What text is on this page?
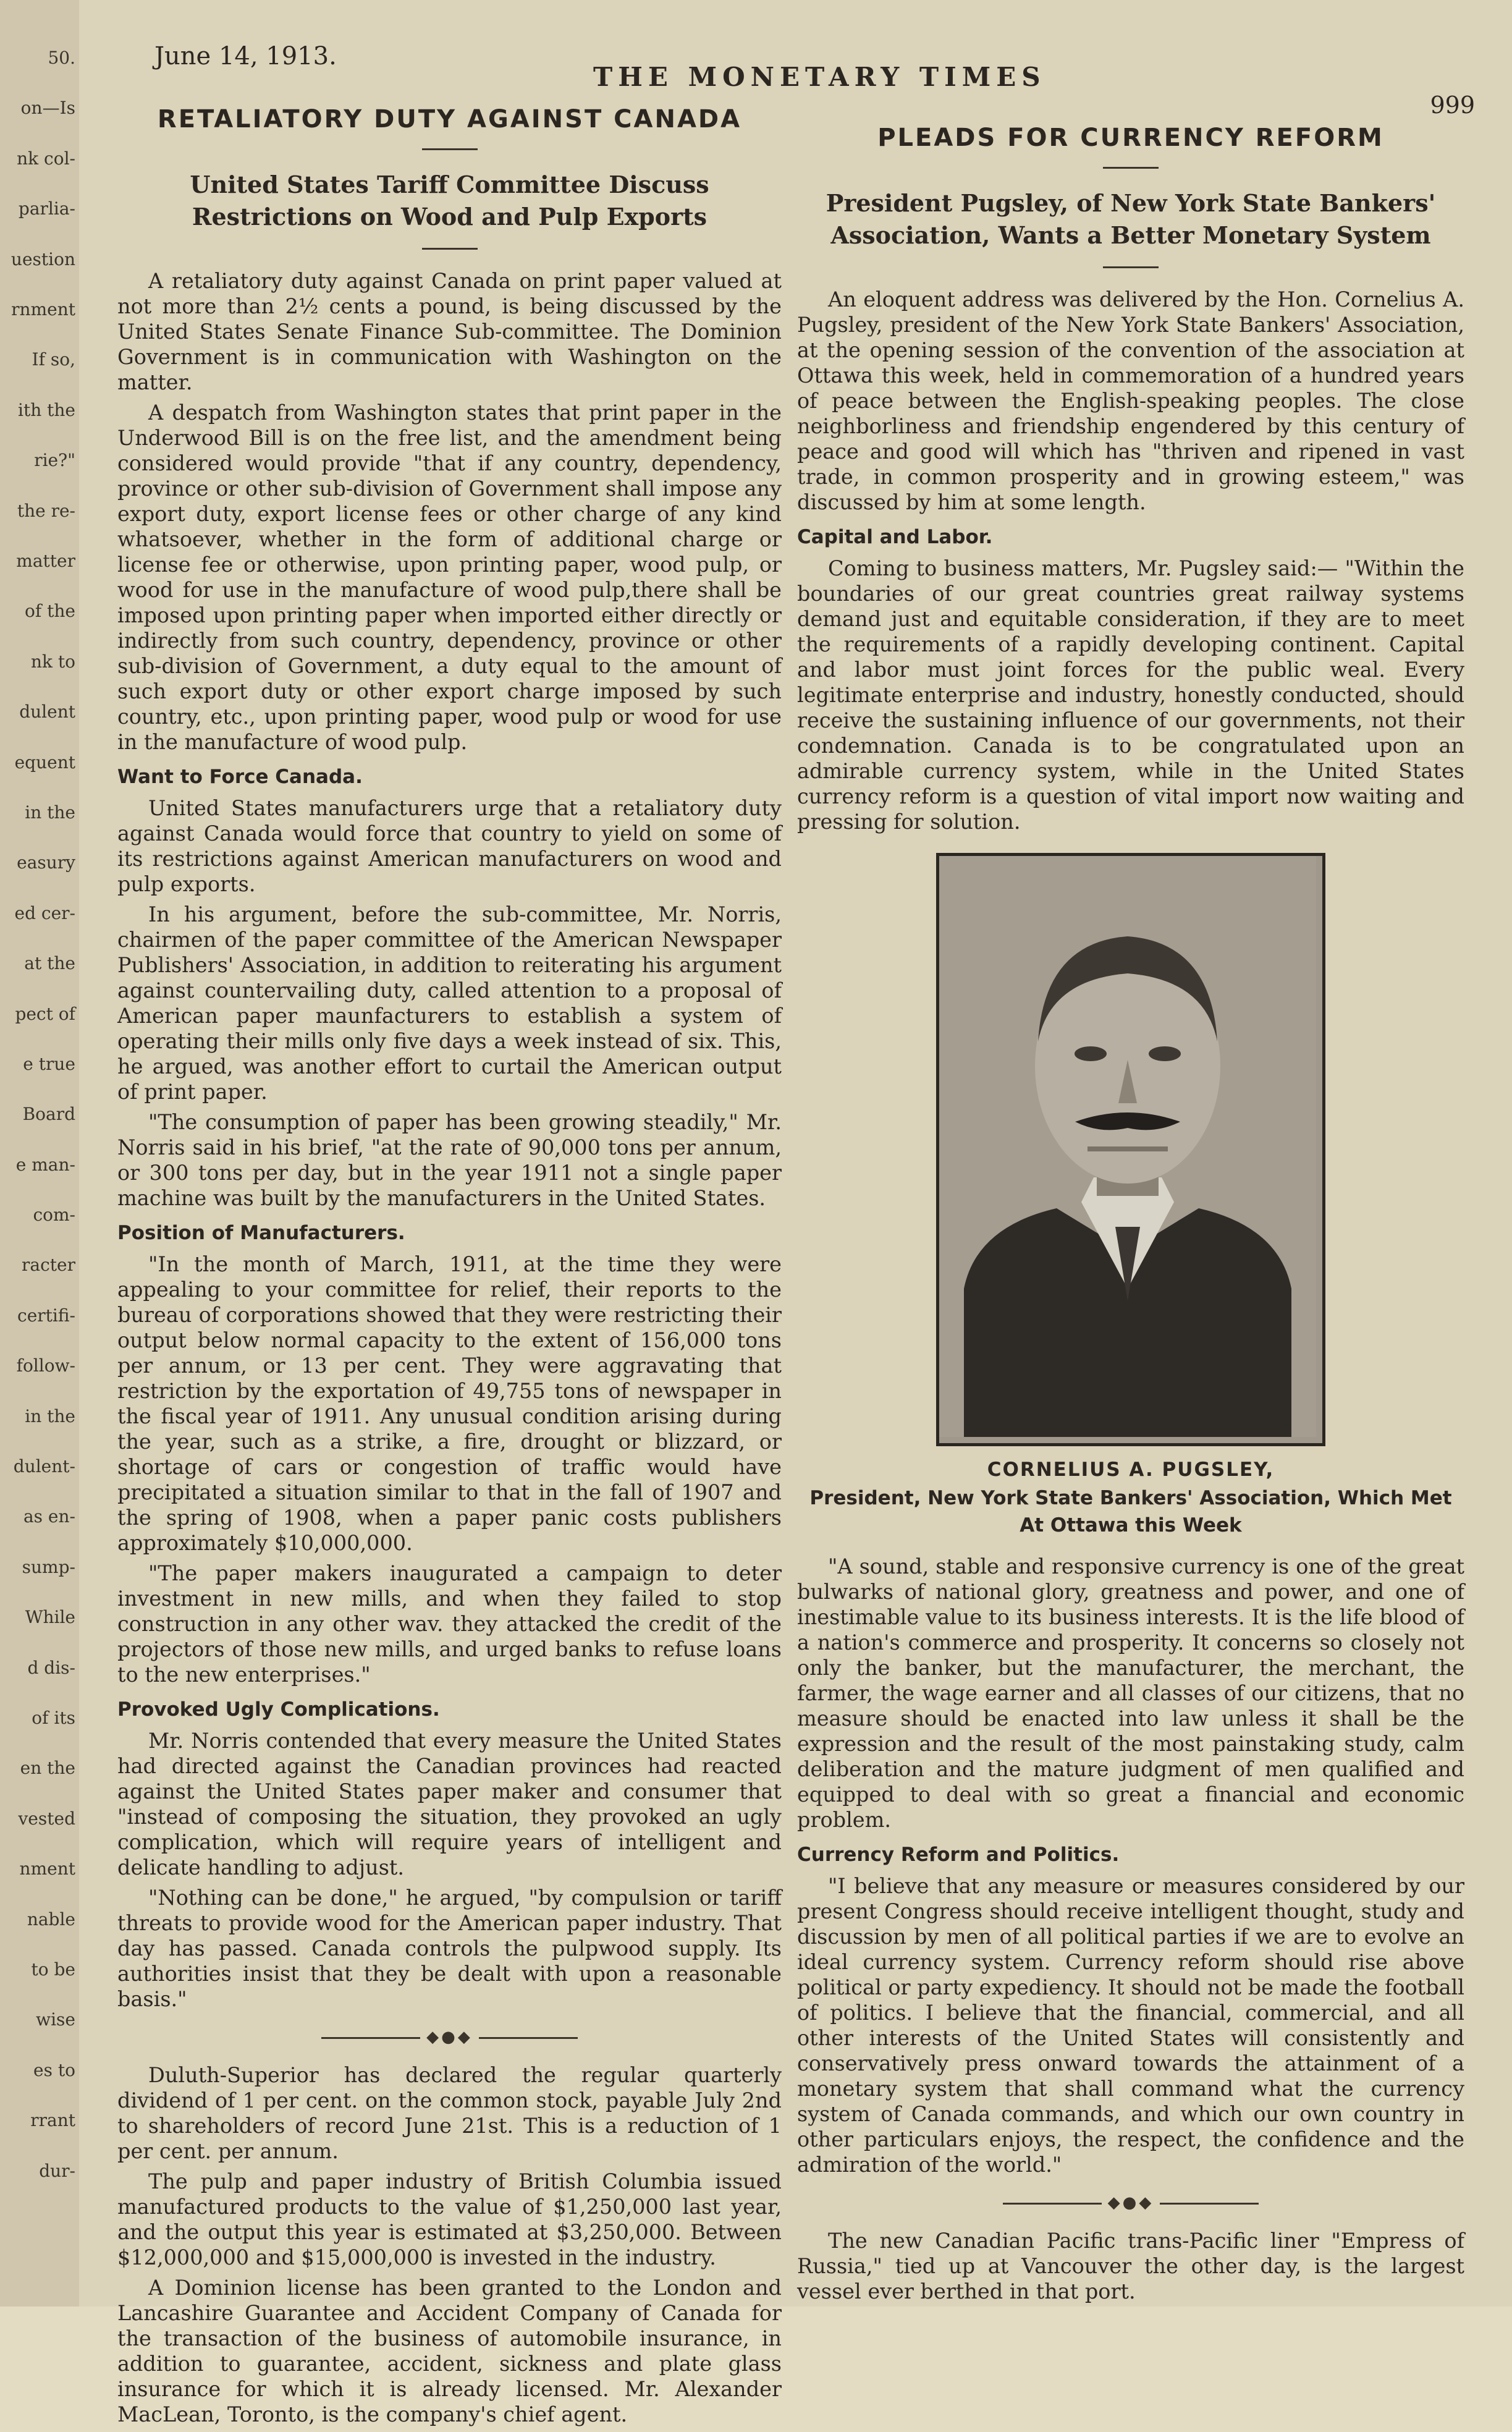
50.
on—Is
nk col-
parlia-
uestion
rnment
If so,
ith the
rie?"
the re-
matter
of the
nk to
dulent
equent
in the
easury
ed cer-
at the
pect of
e true
Board
e man-
com-
racter
certifi-
follow-
in the
dulent-
as en-
sump-
While
d dis-
of its
en the
vested
nment
nable
to be
wise
es to
rrant
dur-
June 14, 1913.
THE MONETARY TIMES
999
RETALIATORY DUTY AGAINST CANADA
United States Tariff Committee Discuss Restrictions on Wood and Pulp Exports

A retaliatory duty against Canada on print paper valued at not more than 2½ cents a pound, is being discussed by the United States Senate Finance Sub-committee. The Dominion Government is in communication with Washington on the matter.

A despatch from Washington states that print paper in the Underwood Bill is on the free list, and the amendment being considered would provide "that if any country, dependency, province or other sub-division of Government shall impose any export duty, export license fees or other charge of any kind whatsoever, whether in the form of additional charge or license fee or otherwise, upon printing paper, wood pulp, or wood for use in the manufacture of wood pulp,there shall be imposed upon printing paper when imported either directly or indirectly from such country, dependency, province or other sub-division of Government, a duty equal to the amount of such export duty or other export charge imposed by such country, etc., upon printing paper, wood pulp or wood for use in the manufacture of wood pulp.

Want to Force Canada.

United States manufacturers urge that a retaliatory duty against Canada would force that country to yield on some of its restrictions against American manufacturers on wood and pulp exports.

In his argument, before the sub-committee, Mr. Norris, chairmen of the paper committee of the American Newspaper Publishers' Association, in addition to reiterating his argument against countervailing duty, called attention to a proposal of American paper maunfacturers to establish a system of operating their mills only five days a week instead of six. This, he argued, was another effort to curtail the American output of print paper.

"The consumption of paper has been growing steadily," Mr. Norris said in his brief, "at the rate of 90,000 tons per annum, or 300 tons per day, but in the year 1911 not a single paper machine was built by the manufacturers in the United States.

Position of Manufacturers.

"In the month of March, 1911, at the time they were appealing to your committee for relief, their reports to the bureau of corporations showed that they were restricting their output below normal capacity to the extent of 156,000 tons per annum, or 13 per cent. They were aggravating that restriction by the exportation of 49,755 tons of newspaper in the fiscal year of 1911. Any unusual condition arising during the year, such as a strike, a fire, drought or blizzard, or shortage of cars or congestion of traffic would have precipitated a situation similar to that in the fall of 1907 and the spring of 1908, when a paper panic costs publishers approximately $10,000,000.

"The paper makers inaugurated a campaign to deter investment in new mills, and when they failed to stop construction in any other wav. they attacked the credit of the projectors of those new mills, and urged banks to refuse loans to the new enterprises."

Provoked Ugly Complications.

Mr. Norris contended that every measure the United States had directed against the Canadian provinces had reacted against the United States paper maker and consumer that "instead of composing the situation, they provoked an ugly complication, which will require years of intelligent and delicate handling to adjust.

"Nothing can be done," he argued, "by compulsion or tariff threats to provide wood for the American paper industry. That day has passed. Canada controls the pulpwood supply. Its authorities insist that they be dealt with upon a reasonable basis."

◆●◆

Duluth-Superior has declared the regular quarterly dividend of 1 per cent. on the common stock, payable July 2nd to shareholders of record June 21st. This is a reduction of 1 per cent. per annum.

The pulp and paper industry of British Columbia issued manufactured products to the value of $1,250,000 last year, and the output this year is estimated at $3,250,000. Between $12,000,000 and $15,000,000 is invested in the industry.

A Dominion license has been granted to the London and Lancashire Guarantee and Accident Company of Canada for the transaction of the business of automobile insurance, in addition to guarantee, accident, sickness and plate glass insurance for which it is already licensed. Mr. Alexander MacLean, Toronto, is the company's chief agent.

PLEADS FOR CURRENCY REFORM
President Pugsley, of New York State Bankers' Association, Wants a Better Monetary System

An eloquent address was delivered by the Hon. Cornelius A. Pugsley, president of the New York State Bankers' Association, at the opening session of the convention of the association at Ottawa this week, held in commemoration of a hundred years of peace between the English-speaking peoples. The close neighborliness and friendship engendered by this century of peace and good will which has "thriven and ripened in vast trade, in common prosperity and in growing esteem," was discussed by him at some length.

Capital and Labor.

Coming to business matters, Mr. Pugsley said:— "Within the boundaries of our great countries great railway systems demand just and equitable consideration, if they are to meet the requirements of a rapidly developing continent. Capital and labor must joint forces for the public weal. Every legitimate enterprise and industry, honestly conducted, should receive the sustaining influence of our governments, not their condemnation. Canada is to be congratulated upon an admirable currency system, while in the United States currency reform is a question of vital import now waiting and pressing for solution.

CORNELIUS A. PUGSLEY,
President, New York State Bankers' Association, Which Met At Ottawa this Week

"A sound, stable and responsive currency is one of the great bulwarks of national glory, greatness and power, and one of inestimable value to its business interests. It is the life blood of a nation's commerce and prosperity. It concerns so closely not only the banker, but the manufacturer, the merchant, the farmer, the wage earner and all classes of our citizens, that no measure should be enacted into law unless it shall be the expression and the result of the most painstaking study, calm deliberation and the mature judgment of men qualified and equipped to deal with so great a financial and economic problem.

Currency Reform and Politics.

"I believe that any measure or measures considered by our present Congress should receive intelligent thought, study and discussion by men of all political parties if we are to evolve an ideal currency system. Currency reform should rise above political or party expediency. It should not be made the football of politics. I believe that the financial, commercial, and all other interests of the United States will consistently and conservatively press onward towards the attainment of a monetary system that shall command what the currency system of Canada commands, and which our own country in other particulars enjoys, the respect, the confidence and the admiration of the world."

◆●◆

The new Canadian Pacific trans-Pacific liner "Empress of Russia," tied up at Vancouver the other day, is the largest vessel ever berthed in that port.
